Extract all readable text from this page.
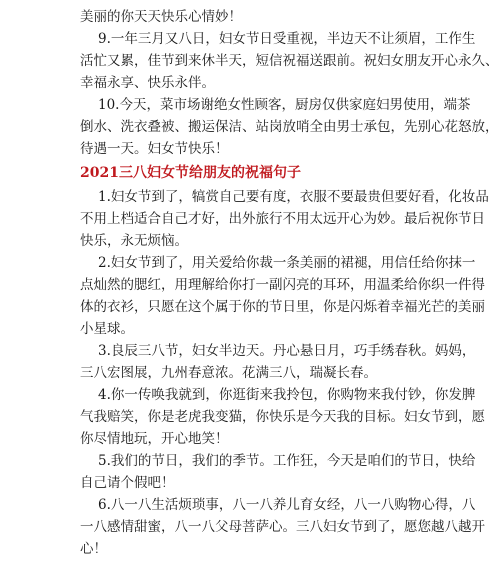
美丽的你天天快乐心情妙！
9.一年三月又八日，妇女节日受重视，半边天不让须眉，工作生
活忙又累，佳节到来休半天，短信祝福送跟前。祝妇女朋友开心永久、
幸福永享、快乐永伴。
10.今天，菜市场谢绝女性顾客，厨房仅供家庭妇男使用，端茶
倒水、洗衣叠被、搬运保洁、站岗放哨全由男士承包，先别心花怒放，
待遇一天。妇女节快乐！
2021三八妇女节给朋友的祝福句子
1.妇女节到了，犒赏自己要有度，衣服不要最贵但要好看，化妆品
不用上档适合自己才好，出外旅行不用太远开心为妙。最后祝你节日
快乐，永无烦恼。
2.妇女节到了，用关爱给你裁一条美丽的裙褪，用信任给你抹一
点灿然的腮红，用理解给你打一副闪亮的耳环，用温柔给你织一件得
体的衣衫，只愿在这个属于你的节日里，你是闪烁着幸福光芒的美丽
小星球。
3.良辰三八节，妇女半边天。丹心悬日月，巧手绣春秋。妈妈，
三八宏图展，九州春意浓。花满三八，瑞凝长春。
4.你一传唤我就到，你逛街来我拎包，你购物来我付钞，你发脾
气我赔笑，你是老虎我变猫，你快乐是今天我的目标。妇女节到，愿
你尽情地玩，开心地笑！
6.八一八生活烦琐事，八一八养儿育女经，八一八购物心得，八
一八感情甜蜜，八一八父母菩萨心。三八妇女节到了，愿您越八越开
心！
5.我们的节日，我们的季节。工作狂，今天是咱们的节日，快给
自己请个假吧！
